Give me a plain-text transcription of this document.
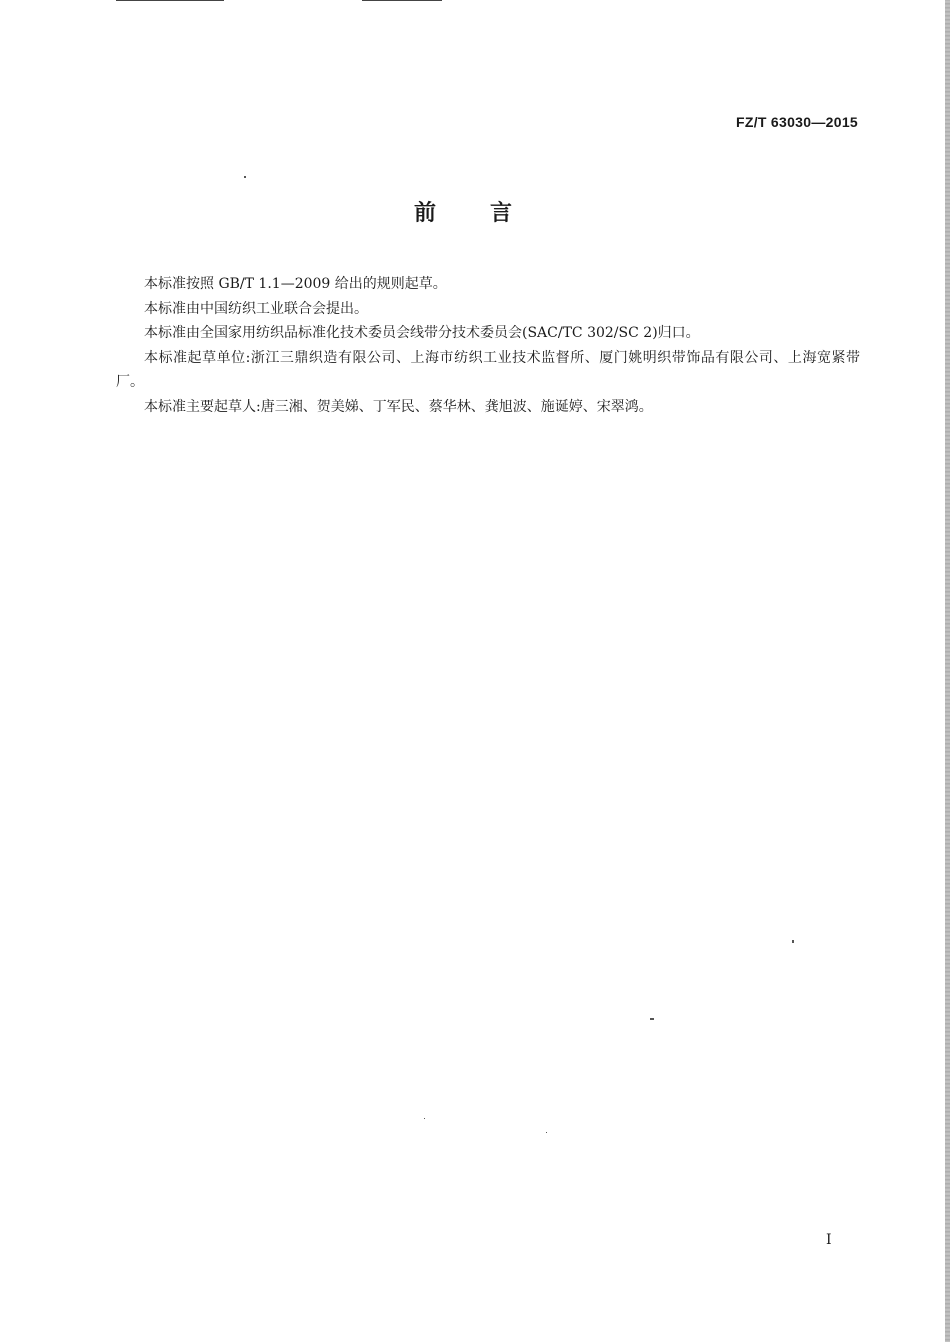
FZ/T 63030—2015
前言

本标准按照 GB/T 1.1—2009 给出的规则起草。

本标准由中国纺织工业联合会提出。

本标准由全国家用纺织品标准化技术委员会线带分技术委员会(SAC/TC 302/SC 2)归口。

本标准起草单位:浙江三鼎织造有限公司、上海市纺织工业技术监督所、厦门姚明织带饰品有限公司、上海宽紧带厂。

本标准主要起草人:唐三湘、贺美娣、丁军民、蔡华林、龚旭波、施诞婷、宋翠鸿。

I
